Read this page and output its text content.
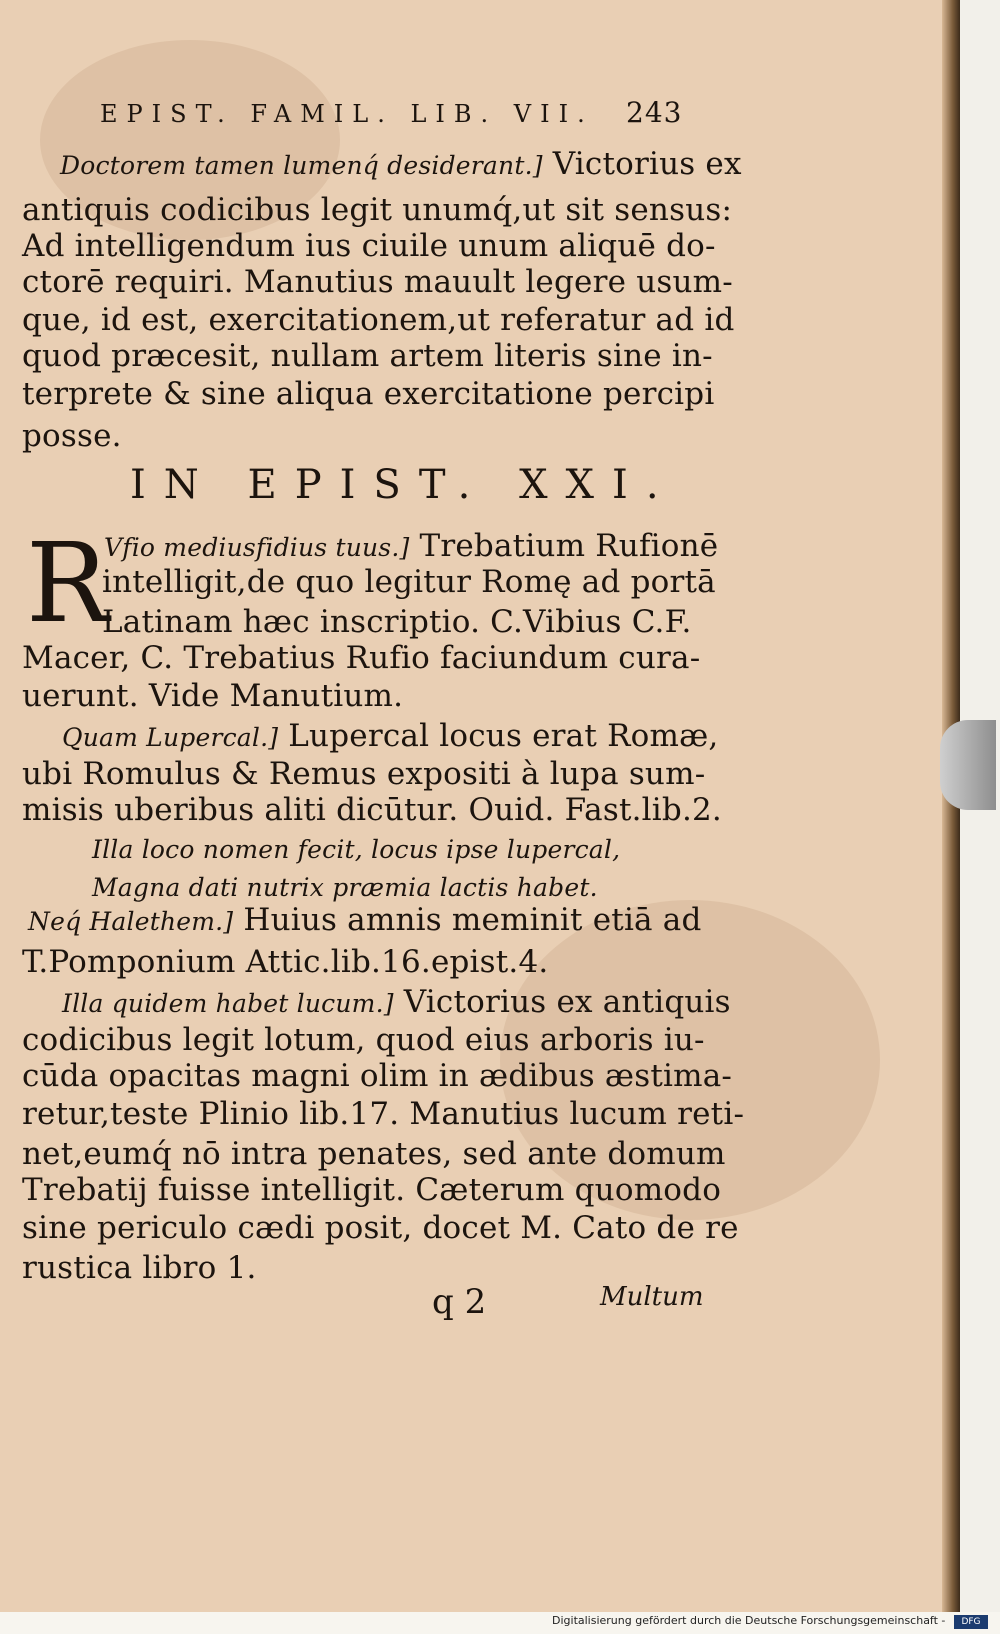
EPIST. FAMIL. LIB. VII.	243
Doctorem tamen lumenq́ desiderant.] Victorius ex
antiquis codicibus legit unumq́,ut sit sensus:
Ad intelligendum ius ciuile unum aliquē do-
ctorē requiri. Manutius mauult legere usum-
que, id est, exercitationem,ut referatur ad id
quod præcesit, nullam artem literis sine in-
terprete & sine aliqua exercitatione percipi
posse.
IN EPIST. XXI.
R
Vfio mediusfidius tuus.] Trebatium Rufionē
intelligit,de quo legitur Romę ad portā
Latinam hæc inscriptio. C.Vibius C.F.
Macer, C. Trebatius Rufio faciundum cura-
uerunt. Vide Manutium.
Quam Lupercal.] Lupercal locus erat Romæ,
ubi Romulus & Remus expositi à lupa sum-
misis uberibus aliti dicūtur. Ouid. Fast.lib.2.
Illa loco nomen fecit, locus ipse lupercal,
Magna dati nutrix præmia lactis habet.
Neq́ Halethem.] Huius amnis meminit etiā ad
T.Pomponium Attic.lib.16.epist.4.
Illa quidem habet lucum.] Victorius ex antiquis
codicibus legit lotum, quod eius arboris iu-
cūda opacitas magni olim in ædibus æstima-
retur,teste Plinio lib.17. Manutius lucum reti-
net,eumq́ nō intra penates, sed ante domum
Trebatij fuisse intelligit. Cæterum quomodo
sine periculo cædi posit, docet M. Cato de re
rustica libro 1.
q 2	Multum
Digitalisierung gefördert durch die Deutsche Forschungsgemeinschaft -	DFG
